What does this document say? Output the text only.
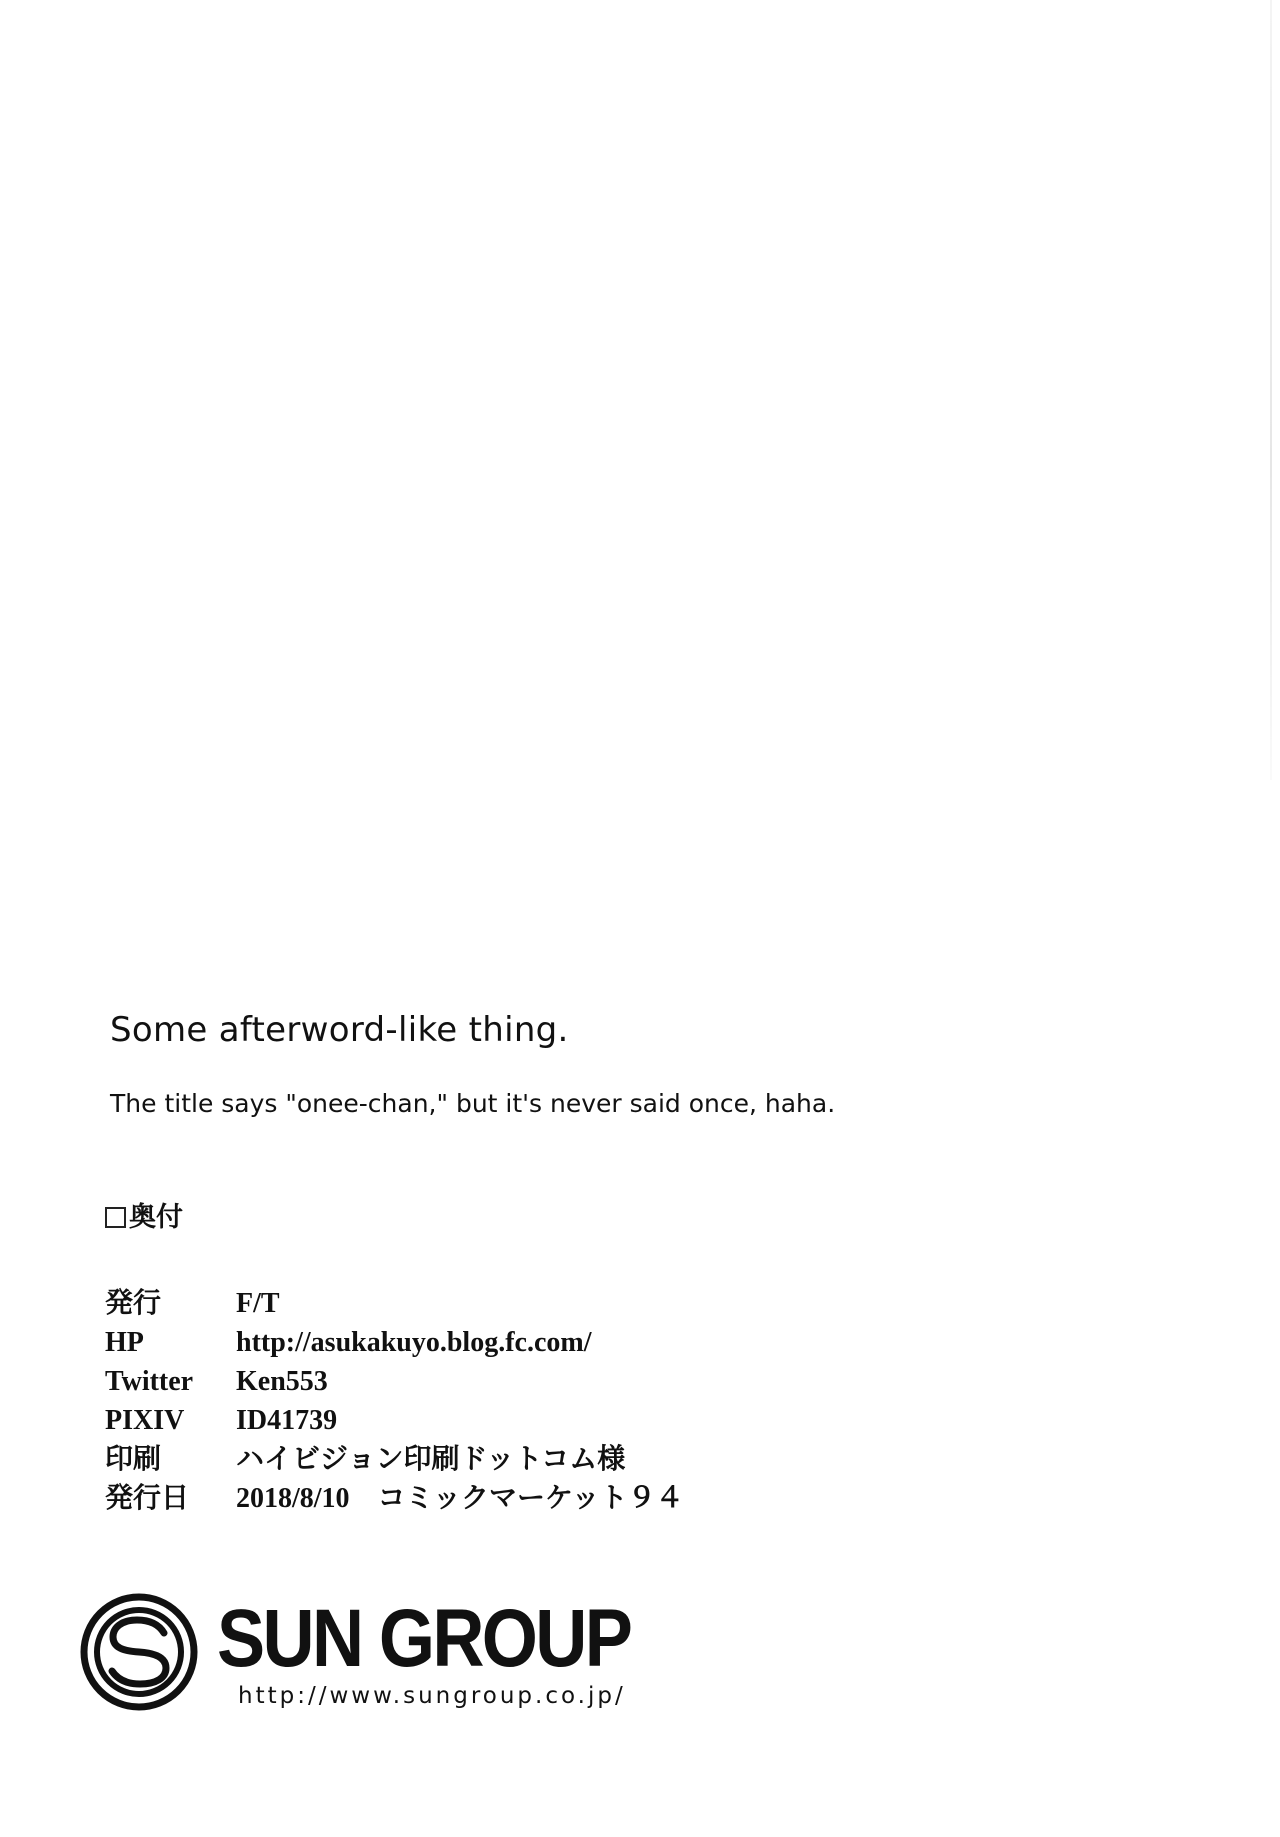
Some afterword-like thing.

The title says "onee-chan," but it's never said once, haha.

奥付
発行	F/T
HP	http://asukakuyo.blog.fc.com/
Twitter	Ken553
PIXIV	ID41739
印刷	ハイビジョン印刷ドットコム様
発行日	2018/8/10　コミックマーケット９４
SUN GROUP
http://www.sungroup.co.jp/
